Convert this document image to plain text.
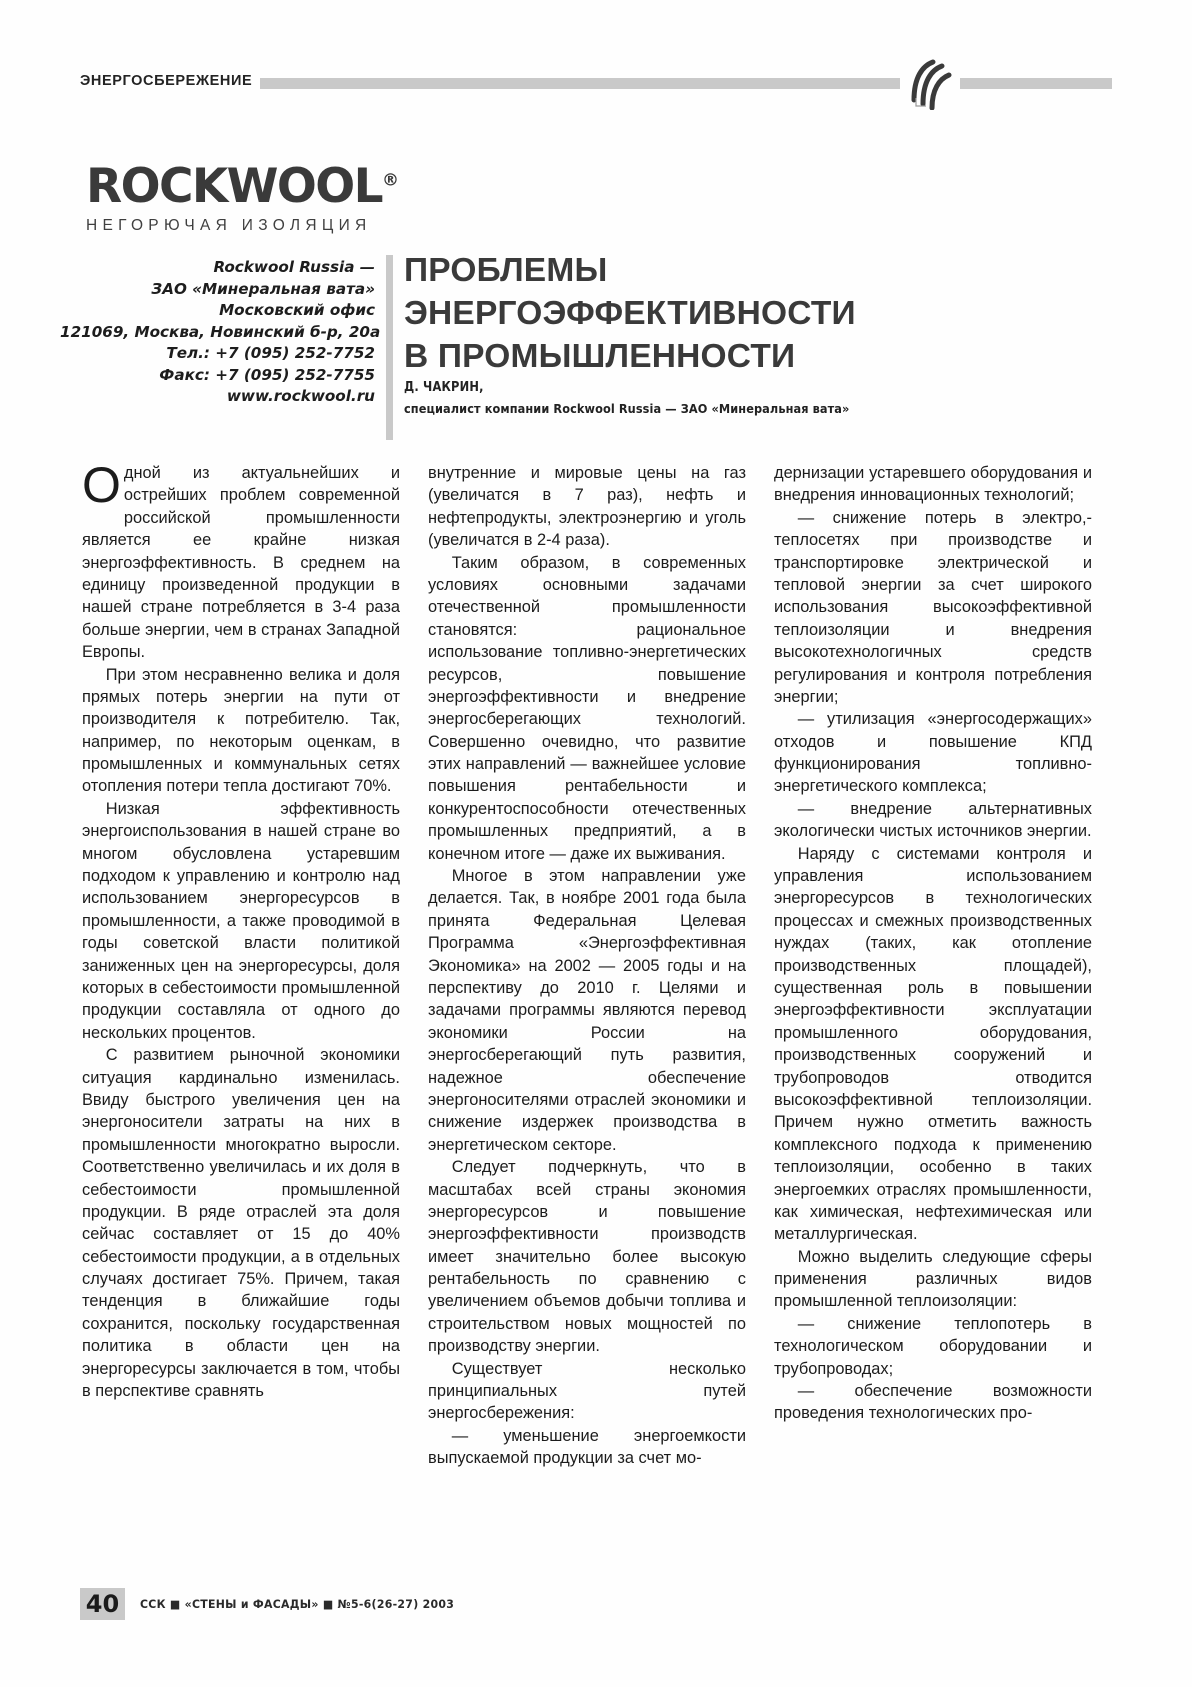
ЭНЕРГОСБЕРЕЖЕНИЕ
ROCKWOOL®
НЕГОРЮЧАЯ ИЗОЛЯЦИЯ
Rockwool Russia —
ЗАО «Минеральная вата»
Московский офис
121069, Москва, Новинский б-р, 20а
Тел.: +7 (095) 252-7752
Факс: +7 (095) 252-7755
www.rockwool.ru
ПРОБЛЕМЫ
ЭНЕРГОЭФФЕКТИВНОСТИ
В ПРОМЫШЛЕННОСТИ
Д. ЧАКРИН,
специалист компании Rockwool Russia — ЗАО «Минеральная вата»

Одной из актуальнейших и острейших проблем современной российской промышленности является ее крайне низкая энергоэффективность. В среднем на единицу произведенной продукции в нашей стране потребляется в 3-4 раза больше энергии, чем в странах Западной Европы.

При этом несравненно велика и доля прямых потерь энергии на пути от производителя к потребителю. Так, например, по некоторым оценкам, в промышленных и коммунальных сетях отопления потери тепла достигают 70%.

Низкая эффективность энергоиспользования в нашей стране во многом обусловлена устаревшим подходом к управлению и контролю над использованием энергоресурсов в промышленности, а также проводимой в годы советской власти политикой заниженных цен на энергоресурсы, доля которых в себестоимости промышленной продукции составляла от одного до нескольких процентов.

С развитием рыночной экономики ситуация кардинально изменилась. Ввиду быстрого увеличения цен на энергоносители затраты на них в промышленности многократно выросли. Соответственно увеличилась и их доля в себестоимости промышленной продукции. В ряде отраслей эта доля сейчас составляет от 15 до 40% себестоимости продукции, а в отдельных случаях достигает 75%. Причем, такая тенденция в ближайшие годы сохранится, поскольку государственная политика в области цен на энергоресурсы заключается в том, чтобы в перспективе сравнять

внутренние и мировые цены на газ (увеличатся в 7 раз), нефть и нефтепродукты, электроэнергию и уголь (увеличатся в 2-4 раза).

Таким образом, в современных условиях основными задачами отечественной промышленности становятся: рациональное использование топливно-энергетических ресурсов, повышение энергоэффективности и внедрение энергосберегающих технологий. Совершенно очевидно, что развитие этих направлений — важнейшее условие повышения рентабельности и конкурентоспособности отечественных промышленных предприятий, а в конечном итоге — даже их выживания.

Многое в этом направлении уже делается. Так, в ноябре 2001 года была принята Федеральная Целевая Программа «Энергоэффективная Экономика» на 2002 — 2005 годы и на перспективу до 2010 г. Целями и задачами программы являются перевод экономики России на энергосберегающий путь развития, надежное обеспечение энергоносителями отраслей экономики и снижение издержек производства в энергетическом секторе.

Следует подчеркнуть, что в масштабах всей страны экономия энергоресурсов и повышение энергоэффективности производств имеет значительно более высокую рентабельность по сравнению с увеличением объемов добычи топлива и строительством новых мощностей по производству энергии.

Существует несколько принципиальных путей энергосбережения:

— уменьшение энергоемкости выпускаемой продукции за счет мо-

дернизации устаревшего оборудования и внедрения инновационных технологий;

— снижение потерь в электро,-теплосетях при производстве и транспортировке электрической и тепловой энергии за счет широкого использования высокоэффективной теплоизоляции и внедрения высокотехнологичных средств регулирования и контроля потребления энергии;

— утилизация «энергосодержащих» отходов и повышение КПД функционирования топливно-энергетического комплекса;

— внедрение альтернативных экологически чистых источников энергии.

Наряду с системами контроля и управления использованием энергоресурсов в технологических процессах и смежных производственных нуждах (таких, как отопление производственных площадей), существенная роль в повышении энергоэффективности эксплуатации промышленного оборудования, производственных сооружений и трубопроводов отводится высокоэффективной теплоизоляции. Причем нужно отметить важность комплексного подхода к применению теплоизоляции, особенно в таких энергоемких отраслях промышленности, как химическая, нефтехимическая или металлургическая.

Можно выделить следующие сферы применения различных видов промышленной теплоизоляции:

— снижение теплопотерь в технологическом оборудовании и трубопроводах;

— обеспечение возможности проведения технологических про-

40	ССК ■ «СТЕНЫ и ФАСАДЫ» ■ №5-6(26-27) 2003
